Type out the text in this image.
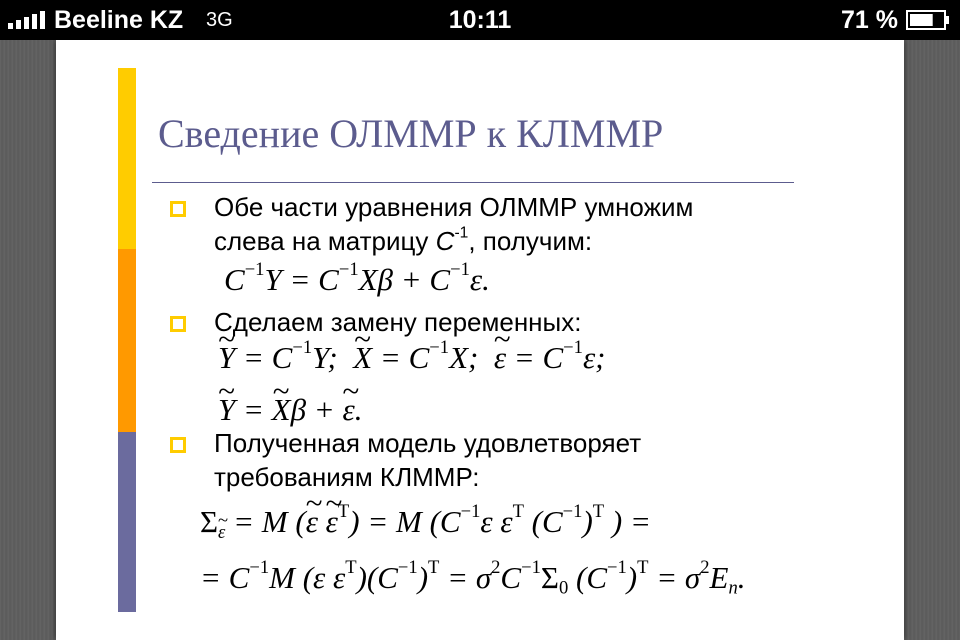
Beeline KZ 3G	10:11	71 %
Сведение ОЛММР к КЛММР
Обе части уравнения ОЛММР умножим
слева на матрицу $C^{-1}$, получим:
$C^{-1}Y = C^{-1}X\beta + C^{-1}\varepsilon$.
Сделаем замену переменных:
~ $Y = C^{-1}Y$;  ~ $X = C^{-1}X$;  ~ $\varepsilon = C^{-1}\varepsilon$;
~ Y = ~ Xβ + ~ ε.
Полученная модель удовлетворяет
требованиям КЛММР:
$\Sigma_\varepsilon = M$ (~ ε ~ $\varepsilon^T) = M$ ($C^{-1}\varepsilon$ $\varepsilon^T$ $(C^{-1})^T$ ) =
= $C^{-1}M$ (ε $\varepsilon^T)(C^{-1})^T = \sigma^2C^{-1}\Sigma_0$ $(C^{-1})^T = \sigma^2E_n$.
